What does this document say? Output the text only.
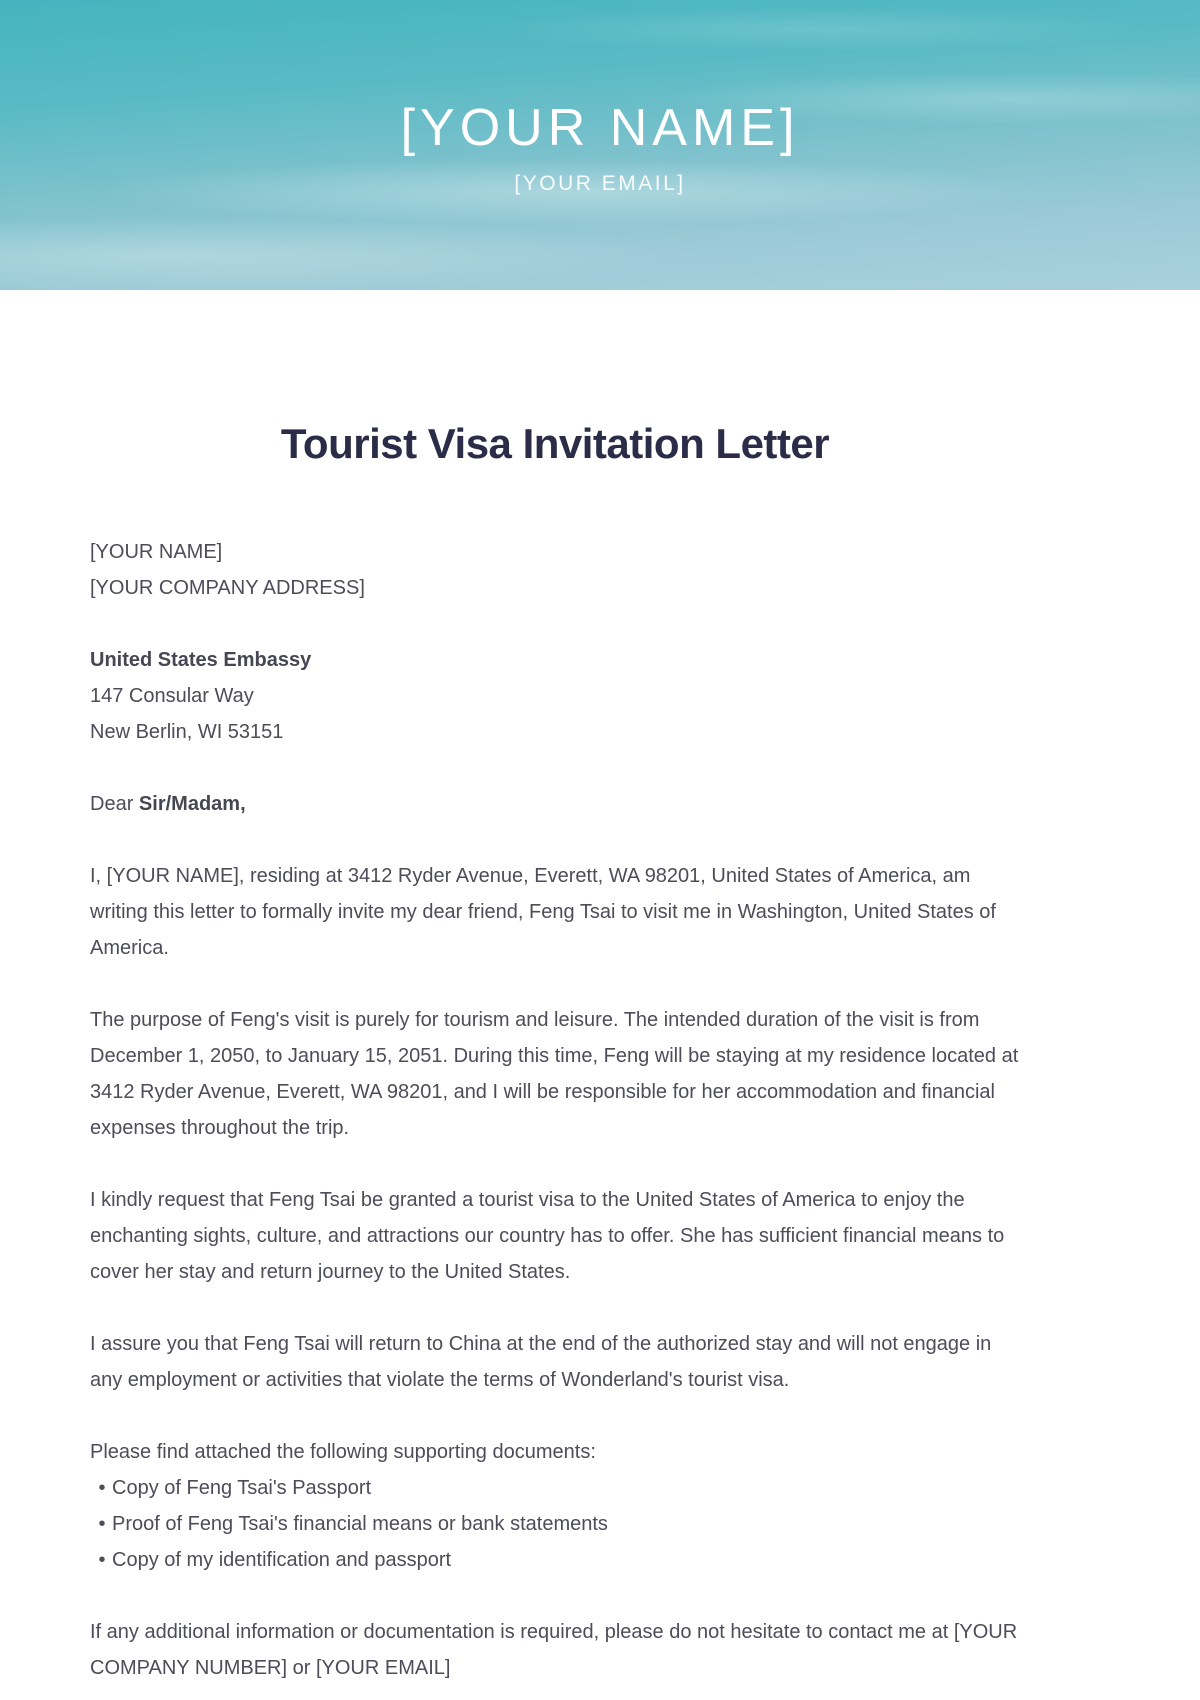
[YOUR NAME]
[YOUR EMAIL]
Tourist Visa Invitation Letter

[YOUR NAME]
[YOUR COMPANY ADDRESS]

United States Embassy
147 Consular Way
New Berlin, WI 53151

Dear Sir/Madam,

I, [YOUR NAME], residing at 3412 Ryder Avenue, Everett, WA 98201, United States of America, am writing this letter to formally invite my dear friend, Feng Tsai to visit me in Washington, United States of America.

The purpose of Feng's visit is purely for tourism and leisure. The intended duration of the visit is from December 1, 2050, to January 15, 2051. During this time, Feng will be staying at my residence located at 3412 Ryder Avenue, Everett, WA 98201, and I will be responsible for her accommodation and financial expenses throughout the trip.

I kindly request that Feng Tsai be granted a tourist visa to the United States of America to enjoy the enchanting sights, culture, and attractions our country has to offer. She has sufficient financial means to cover her stay and return journey to the United States.

I assure you that Feng Tsai will return to China at the end of the authorized stay and will not engage in any employment or activities that violate the terms of Wonderland's tourist visa.

Please find attached the following supporting documents:

• Copy of Feng Tsai's Passport
• Proof of Feng Tsai's financial means or bank statements
• Copy of my identification and passport

If any additional information or documentation is required, please do not hesitate to contact me at [YOUR COMPANY NUMBER] or [YOUR EMAIL]
